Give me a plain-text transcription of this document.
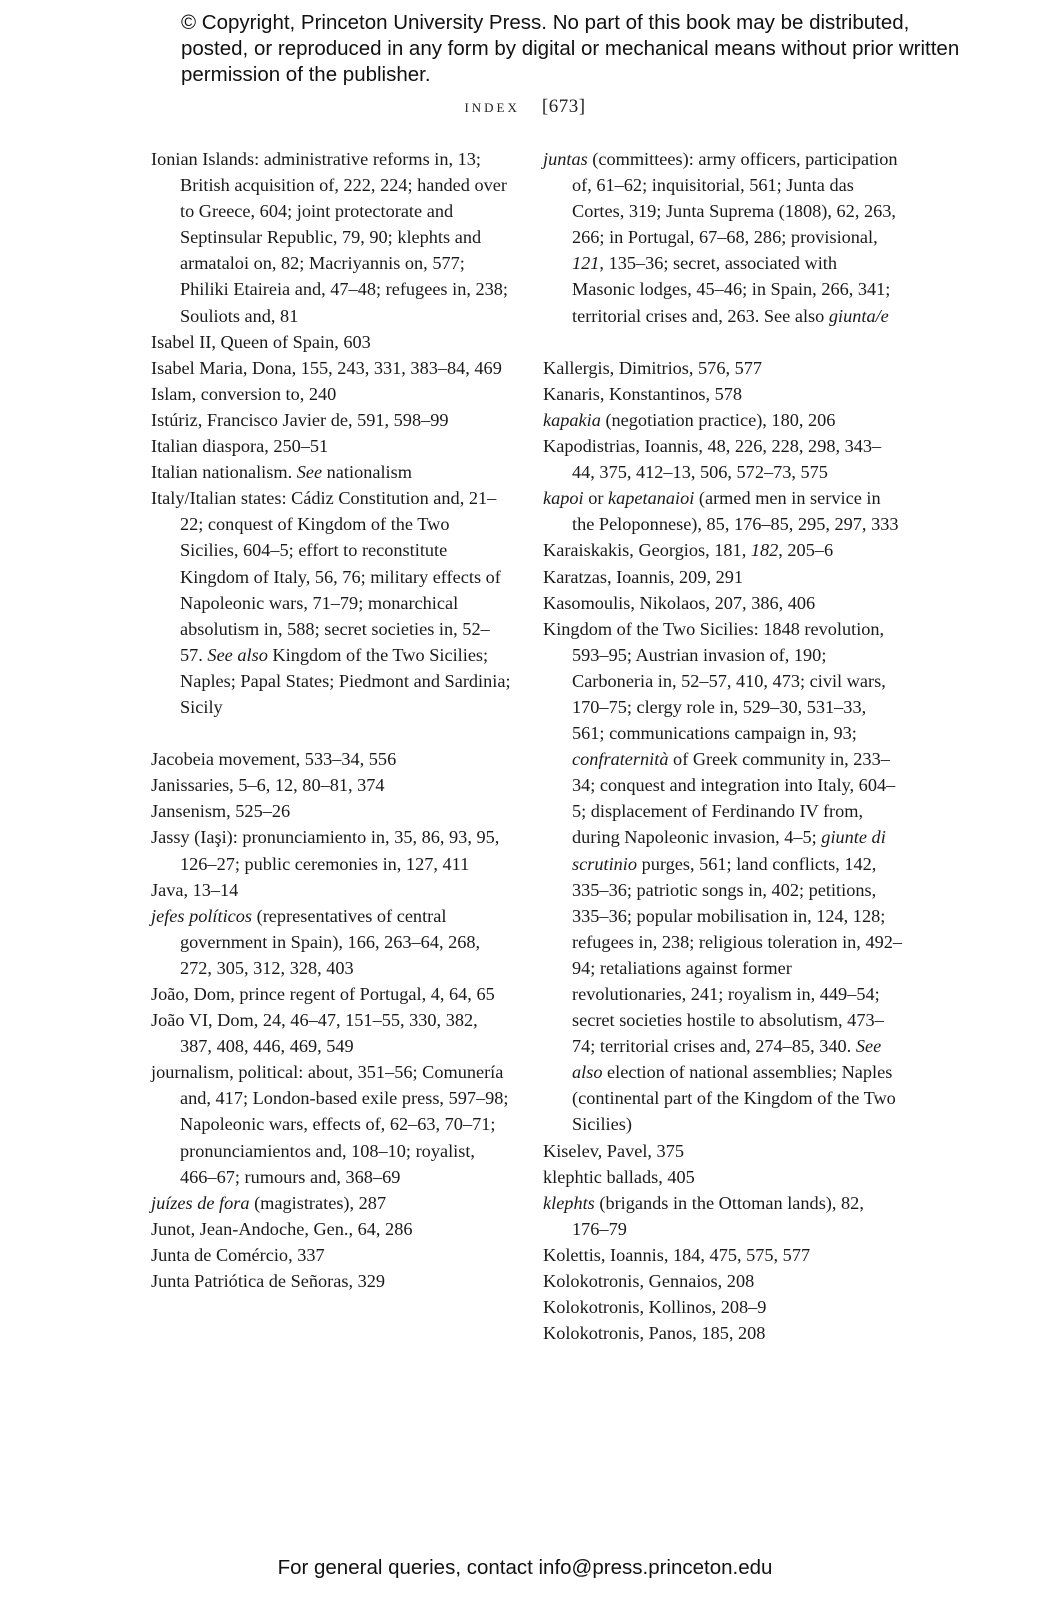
© Copyright, Princeton University Press. No part of this book may be distributed, posted, or reproduced in any form by digital or mechanical means without prior written permission of the publisher.

index [673]
Ionian Islands: administrative reforms in, 13; British acquisition of, 222, 224; handed over to Greece, 604; joint protectorate and Septinsular Republic, 79, 90; klephts and armataloi on, 82; Macriyannis on, 577; Philiki Etaireia and, 47–48; refugees in, 238; Souliots and, 81
Isabel II, Queen of Spain, 603
Isabel Maria, Dona, 155, 243, 331, 383–84, 469
Islam, conversion to, 240
Istúriz, Francisco Javier de, 591, 598–99
Italian diaspora, 250–51
Italian nationalism. See nationalism
Italy/Italian states: Cádiz Constitution and, 21–22; conquest of Kingdom of the Two Sicilies, 604–5; effort to reconstitute Kingdom of Italy, 56, 76; military effects of Napoleonic wars, 71–79; monarchical absolutism in, 588; secret societies in, 52–57. See also Kingdom of the Two Sicilies; Naples; Papal States; Piedmont and Sardinia; Sicily
Jacobeia movement, 533–34, 556
Janissaries, 5–6, 12, 80–81, 374
Jansenism, 525–26
Jassy (Iaşi): pronunciamiento in, 35, 86, 93, 95, 126–27; public ceremonies in, 127, 411
Java, 13–14
jefes políticos (representatives of central government in Spain), 166, 263–64, 268, 272, 305, 312, 328, 403
João, Dom, prince regent of Portugal, 4, 64, 65
João VI, Dom, 24, 46–47, 151–55, 330, 382, 387, 408, 446, 469, 549
journalism, political: about, 351–56; Comunería and, 417; London-based exile press, 597–98; Napoleonic wars, effects of, 62–63, 70–71; pronunciamientos and, 108–10; royalist, 466–67; rumours and, 368–69
juízes de fora (magistrates), 287
Junot, Jean-Andoche, Gen., 64, 286
Junta de Comércio, 337
Junta Patriótica de Señoras, 329
juntas (committees): army officers, participation of, 61–62; inquisitorial, 561; Junta das Cortes, 319; Junta Suprema (1808), 62, 263, 266; in Portugal, 67–68, 286; provisional, 121, 135–36; secret, associated with Masonic lodges, 45–46; in Spain, 266, 341; territorial crises and, 263. See also giunta/e
Kallergis, Dimitrios, 576, 577
Kanaris, Konstantinos, 578
kapakia (negotiation practice), 180, 206
Kapodistrias, Ioannis, 48, 226, 228, 298, 343–44, 375, 412–13, 506, 572–73, 575
kapoi or kapetanaioi (armed men in service in the Peloponnese), 85, 176–85, 295, 297, 333
Karaiskakis, Georgios, 181, 182, 205–6
Karatzas, Ioannis, 209, 291
Kasomoulis, Nikolaos, 207, 386, 406
Kingdom of the Two Sicilies: 1848 revolution, 593–95; Austrian invasion of, 190; Carboneria in, 52–57, 410, 473; civil wars, 170–75; clergy role in, 529–30, 531–33, 561; communications campaign in, 93; confraternità of Greek community in, 233–34; conquest and integration into Italy, 604–5; displacement of Ferdinando IV from, during Napoleonic invasion, 4–5; giunte di scrutinio purges, 561; land conflicts, 142, 335–36; patriotic songs in, 402; petitions, 335–36; popular mobilisation in, 124, 128; refugees in, 238; religious toleration in, 492–94; retaliations against former revolutionaries, 241; royalism in, 449–54; secret societies hostile to absolutism, 473–74; territorial crises and, 274–85, 340. See also election of national assemblies; Naples (continental part of the Kingdom of the Two Sicilies)
Kiselev, Pavel, 375
klephtic ballads, 405
klephts (brigands in the Ottoman lands), 82, 176–79
Kolettis, Ioannis, 184, 475, 575, 577
Kolokotronis, Gennaios, 208
Kolokotronis, Kollinos, 208–9
Kolokotronis, Panos, 185, 208
For general queries, contact info@press.princeton.edu
